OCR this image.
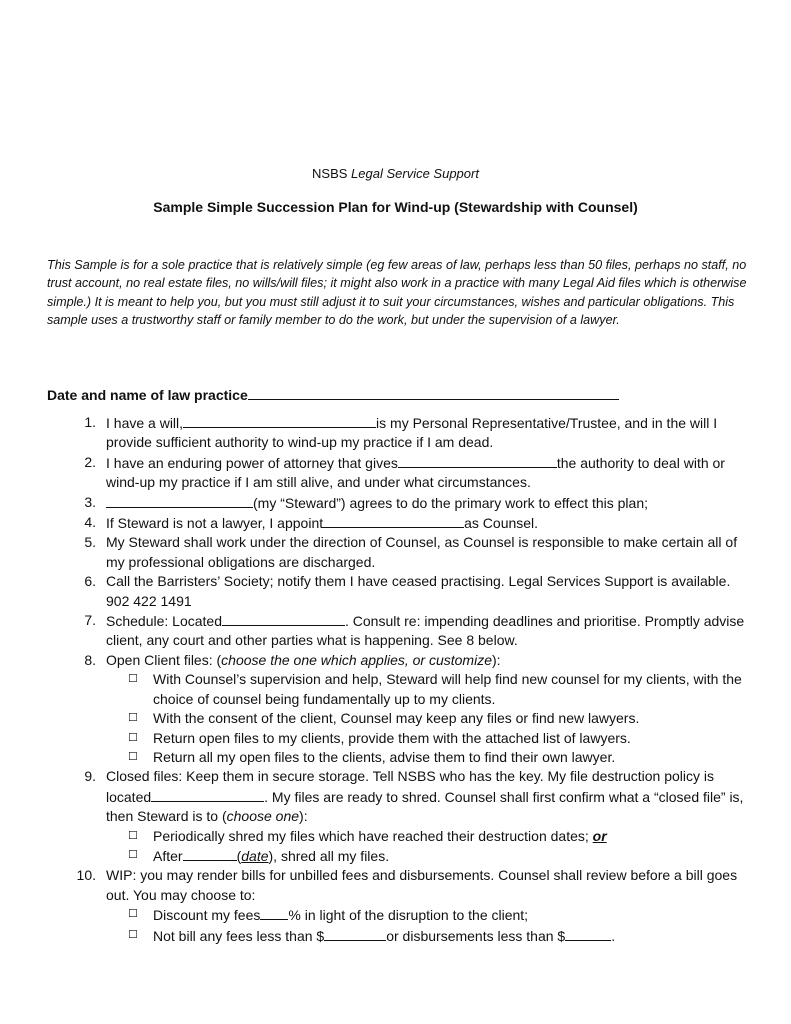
NSBS Legal Service Support
Sample Simple Succession Plan for Wind-up (Stewardship with Counsel)
This Sample is for a sole practice that is relatively simple (eg few areas of law, perhaps less than 50 files, perhaps no staff, no trust account, no real estate files, no wills/will files; it might also work in a practice with many Legal Aid files which is otherwise simple.) It is meant to help you, but you must still adjust it to suit your circumstances, wishes and particular obligations. This sample uses a trustworthy staff or family member to do the work, but under the supervision of a lawyer.
Date and name of law practice
1. I have a will,	is my Personal Representative/Trustee, and in the will I provide sufficient authority to wind-up my practice if I am dead.
2. I have an enduring power of attorney that gives	the authority to deal with or wind-up my practice if I am still alive, and under what circumstances.
3.	(my “Steward”) agrees to do the primary work to effect this plan;
4. If Steward is not a lawyer, I appoint	as Counsel.
5. My Steward shall work under the direction of Counsel, as Counsel is responsible to make certain all of my professional obligations are discharged.
6. Call the Barristers’ Society; notify them I have ceased practising. Legal Services Support is available. 902 422 1491
7. Schedule: Located	. Consult re: impending deadlines and prioritise. Promptly advise client, any court and other parties what is happening. See 8 below.
8. Open Client files: (choose the one which applies, or customize):
☐ With Counsel’s supervision and help, Steward will help find new counsel for my clients, with the choice of counsel being fundamentally up to my clients.
☐ With the consent of the client, Counsel may keep any files or find new lawyers.
☐ Return open files to my clients, provide them with the attached list of lawyers.
☐ Return all my open files to the clients, advise them to find their own lawyer.
9. Closed files: Keep them in secure storage. Tell NSBS who has the key. My file destruction policy is located	. My files are ready to shred. Counsel shall first confirm what a “closed file” is, then Steward is to (choose one):
☐ Periodically shred my files which have reached their destruction dates; or
☐ After	(date), shred all my files.
10. WIP: you may render bills for unbilled fees and disbursements. Counsel shall review before a bill goes out. You may choose to:
☐ Discount my fees % in light of the disruption to the client;
☐ Not bill any fees less than $	or disbursements less than $	.
